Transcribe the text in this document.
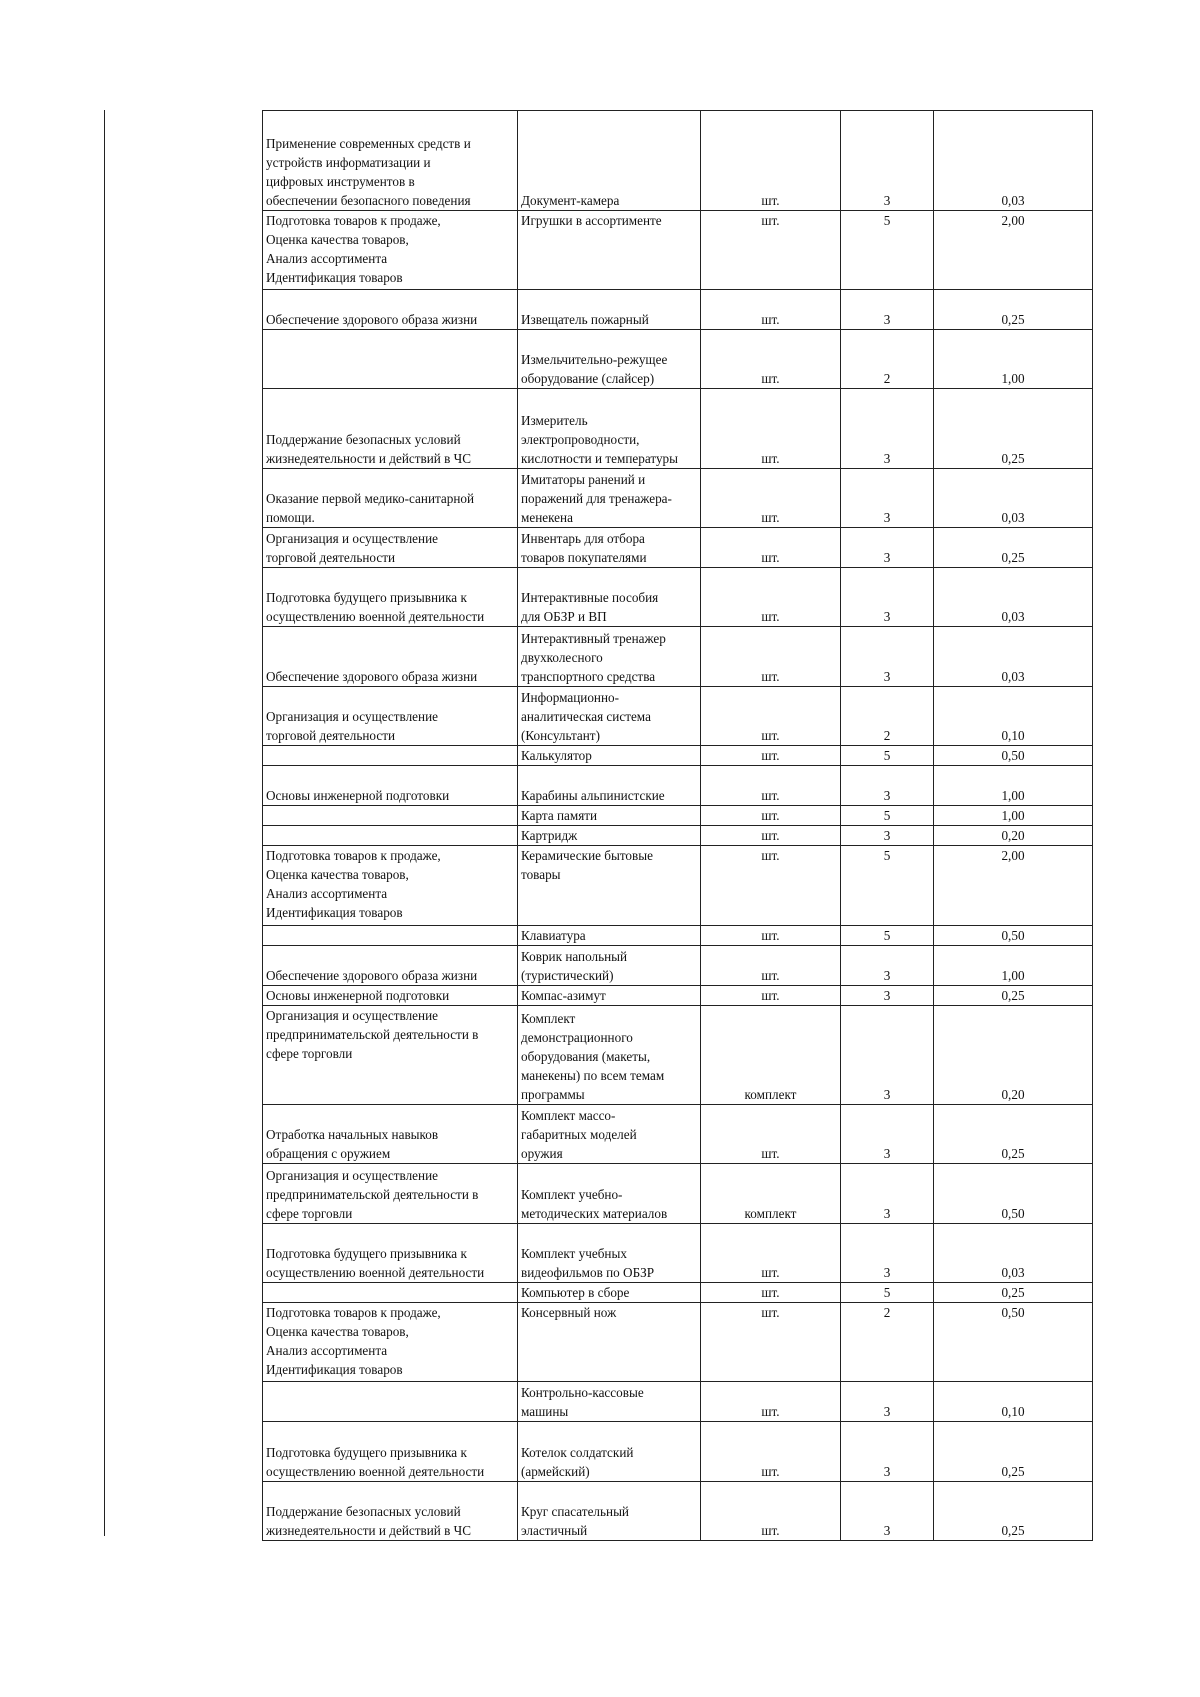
Применение современных средств и
устройств информатизации и
цифровых инструментов в
обеспечении безопасного поведения	Документ-камера	шт.	3	0,03
Подготовка товаров к продаже,
Оценка качества товаров,
Анализ ассортимента
Идентификация товаров	Игрушки в ассортименте	шт.	5	2,00
Обеспечение здорового образа жизни	Извещатель пожарный	шт.	3	0,25
	Измельчительно-режущее
оборудование (слайсер)	шт.	2	1,00
Поддержание безопасных условий
жизнедеятельности и действий в ЧС	Измеритель
электропроводности,
кислотности и температуры	шт.	3	0,25
Оказание первой медико-санитарной
помощи.	Имитаторы ранений и
поражений для тренажера-
менекена	шт.	3	0,03
Организация и осуществление
торговой деятельности	Инвентарь для отбора
товаров покупателями	шт.	3	0,25
Подготовка будущего призывника к
осуществлению военной деятельности	Интерактивные пособия
для ОБЗР и ВП	шт.	3	0,03
Обеспечение здорового образа жизни	Интерактивный тренажер
двухколесного
транспортного средства	шт.	3	0,03
Организация и осуществление
торговой деятельности	Информационно-
аналитическая система
(Консультант)	шт.	2	0,10
	Калькулятор	шт.	5	0,50
Основы инженерной подготовки	Карабины альпинистские	шт.	3	1,00
	Карта памяти	шт.	5	1,00
	Картридж	шт.	3	0,20
Подготовка товаров к продаже,
Оценка качества товаров,
Анализ ассортимента
Идентификация товаров	Керамические бытовые
товары	шт.	5	2,00
	Клавиатура	шт.	5	0,50
Обеспечение здорового образа жизни	Коврик напольный
(туристический)	шт.	3	1,00
Основы инженерной подготовки	Компас-азимут	шт.	3	0,25
Организация и осуществление
предпринимательской деятельности в
сфере торговли	Комплект
демонстрационного
оборудования (макеты,
манекены) по всем темам
программы	комплект	3	0,20
Отработка начальных навыков
обращения с оружием	Комплект массо-
габаритных моделей
оружия	шт.	3	0,25
Организация и осуществление
предпринимательской деятельности в
сфере торговли	Комплект учебно-
методических материалов	комплект	3	0,50
Подготовка будущего призывника к
осуществлению военной деятельности	Комплект учебных
видеофильмов по ОБЗР	шт.	3	0,03
	Компьютер в сборе	шт.	5	0,25
Подготовка товаров к продаже,
Оценка качества товаров,
Анализ ассортимента
Идентификация товаров	Консервный нож	шт.	2	0,50
	Контрольно-кассовые
машины	шт.	3	0,10
Подготовка будущего призывника к
осуществлению военной деятельности	Котелок солдатский
(армейский)	шт.	3	0,25
Поддержание безопасных условий
жизнедеятельности и действий в ЧС	Круг спасательный
эластичный	шт.	3	0,25
